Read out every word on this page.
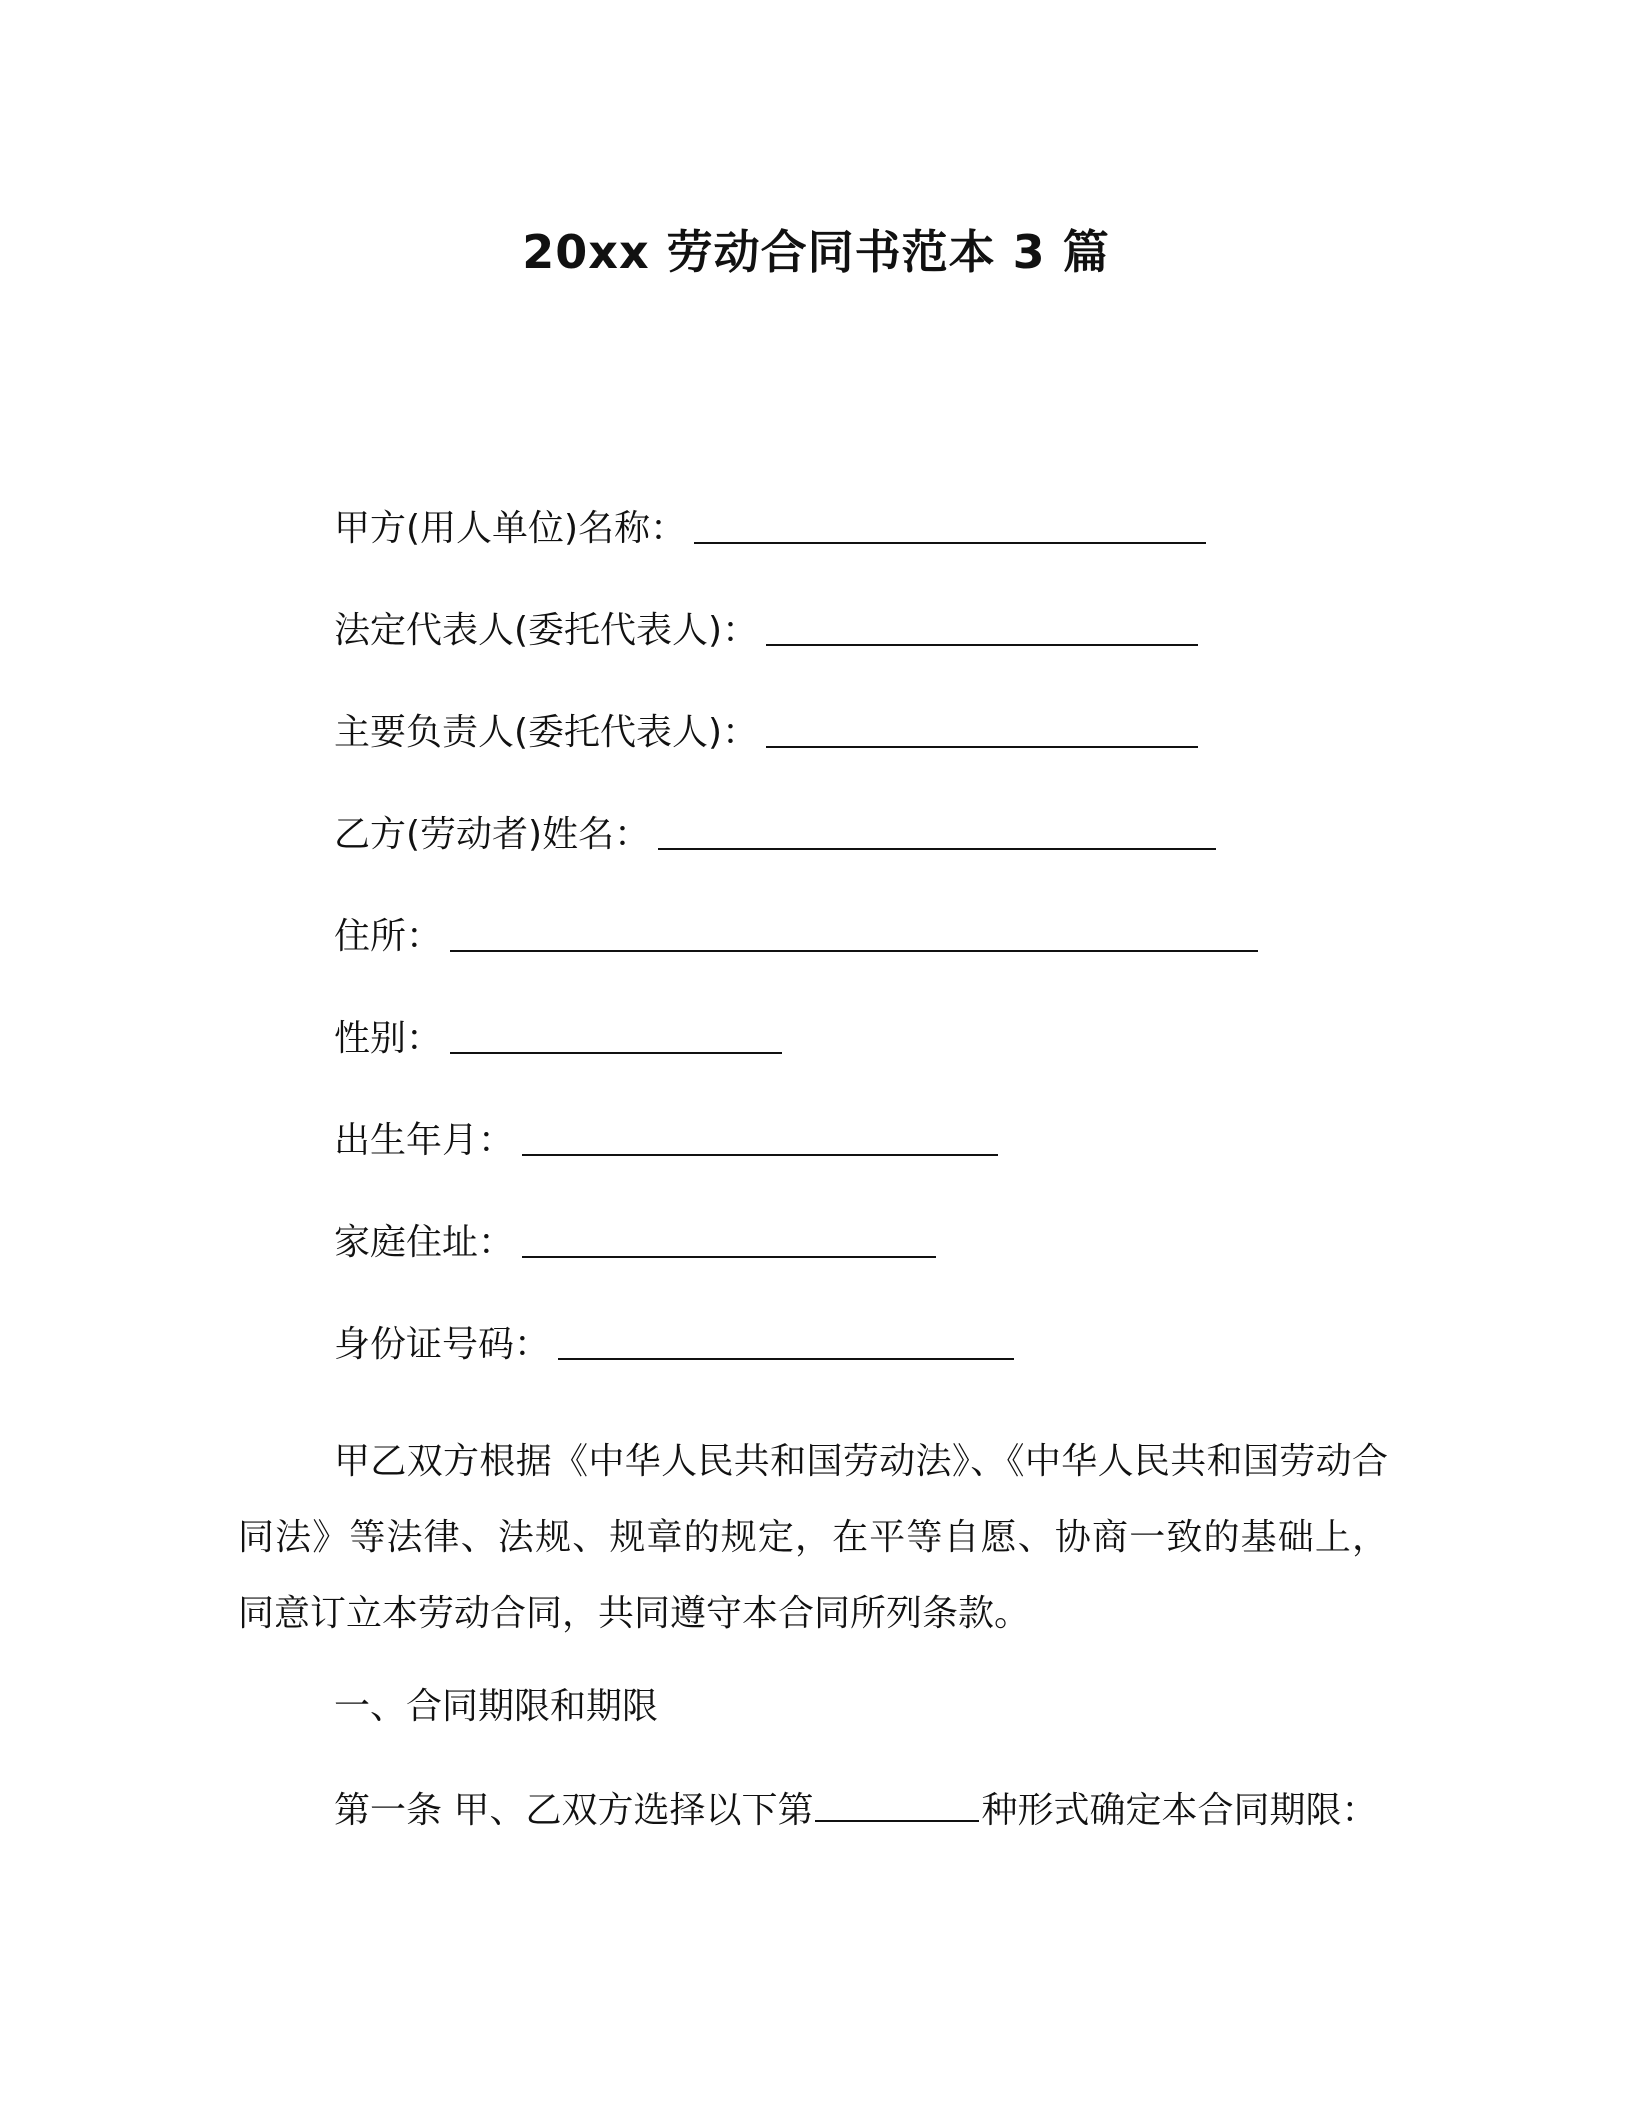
20xx 劳动合同书范本 3 篇
甲方(用人单位)名称：
法定代表人(委托代表人)：
主要负责人(委托代表人)：
乙方(劳动者)姓名：
住所：
性别：
出生年月：
家庭住址：
身份证号码：
甲乙双方根据《中华人民共和国劳动法》、《中华人民共和国劳动合同法》等法律、法规、规章的规定，在平等自愿、协商一致的基础上，同意订立本劳动合同，共同遵守本合同所列条款。
一、合同期限和期限
第一条 甲、乙双方选择以下第	种形式确定本合同期限：
